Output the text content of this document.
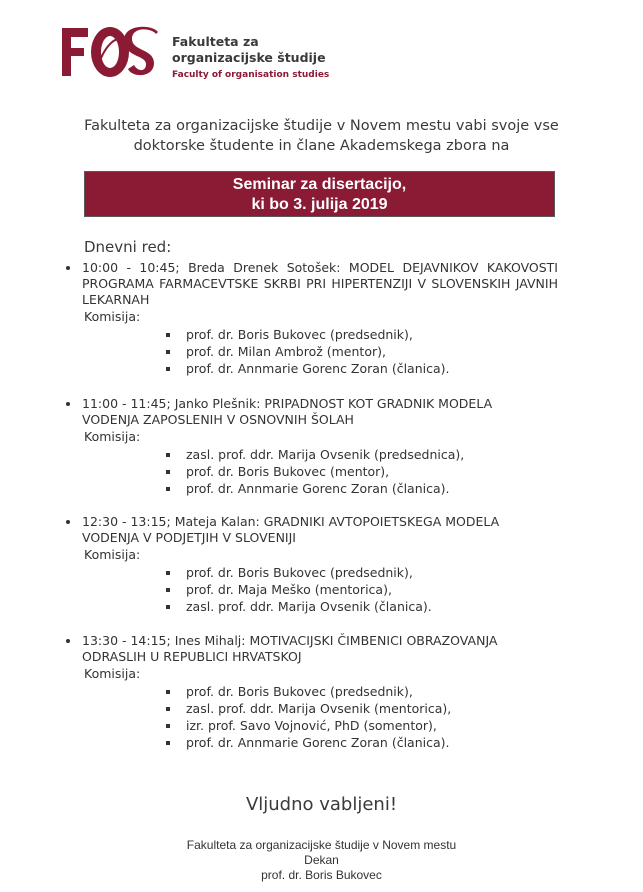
Fakulteta za
organizacijske študije
Faculty of organisation studies
Fakulteta za organizacijske študije v Novem mestu vabi svoje vse
doktorske študente in člane Akademskega zbora na
Seminar za disertacijo,
ki bo 3. julija 2019
Dnevni red:
10:00 - 10:45; Breda Drenek Sotošek: MODEL DEJAVNIKOV KAKOVOSTI PROGRAMA FARMACEVTSKE SKRBI PRI HIPERTENZIJI V SLOVENSKIH JAVNIH LEKARNAH
Komisija:
prof. dr. Boris Bukovec (predsednik),
prof. dr. Milan Ambrož (mentor),
prof. dr. Annmarie Gorenc Zoran (članica).
11:00 - 11:45; Janko Plešnik: PRIPADNOST KOT GRADNIK MODELA VODENJA ZAPOSLENIH V OSNOVNIH ŠOLAH
Komisija:
zasl. prof. ddr. Marija Ovsenik (predsednica),
prof. dr. Boris Bukovec (mentor),
prof. dr. Annmarie Gorenc Zoran (članica).
12:30 - 13:15; Mateja Kalan: GRADNIKI AVTOPOIETSKEGA MODELA VODENJA V PODJETJIH V SLOVENIJI
Komisija:
prof. dr. Boris Bukovec (predsednik),
prof. dr. Maja Meško (mentorica),
zasl. prof. ddr. Marija Ovsenik (članica).
13:30 - 14:15; Ines Mihalj: MOTIVACIJSKI ČIMBENICI OBRAZOVANJA ODRASLIH U REPUBLICI HRVATSKOJ
Komisija:
prof. dr. Boris Bukovec (predsednik),
zasl. prof. ddr. Marija Ovsenik (mentorica),
izr. prof. Savo Vojnović, PhD (somentor),
prof. dr. Annmarie Gorenc Zoran (članica).
Vljudno vabljeni!
Fakulteta za organizacijske študije v Novem mestu
Dekan
prof. dr. Boris Bukovec
